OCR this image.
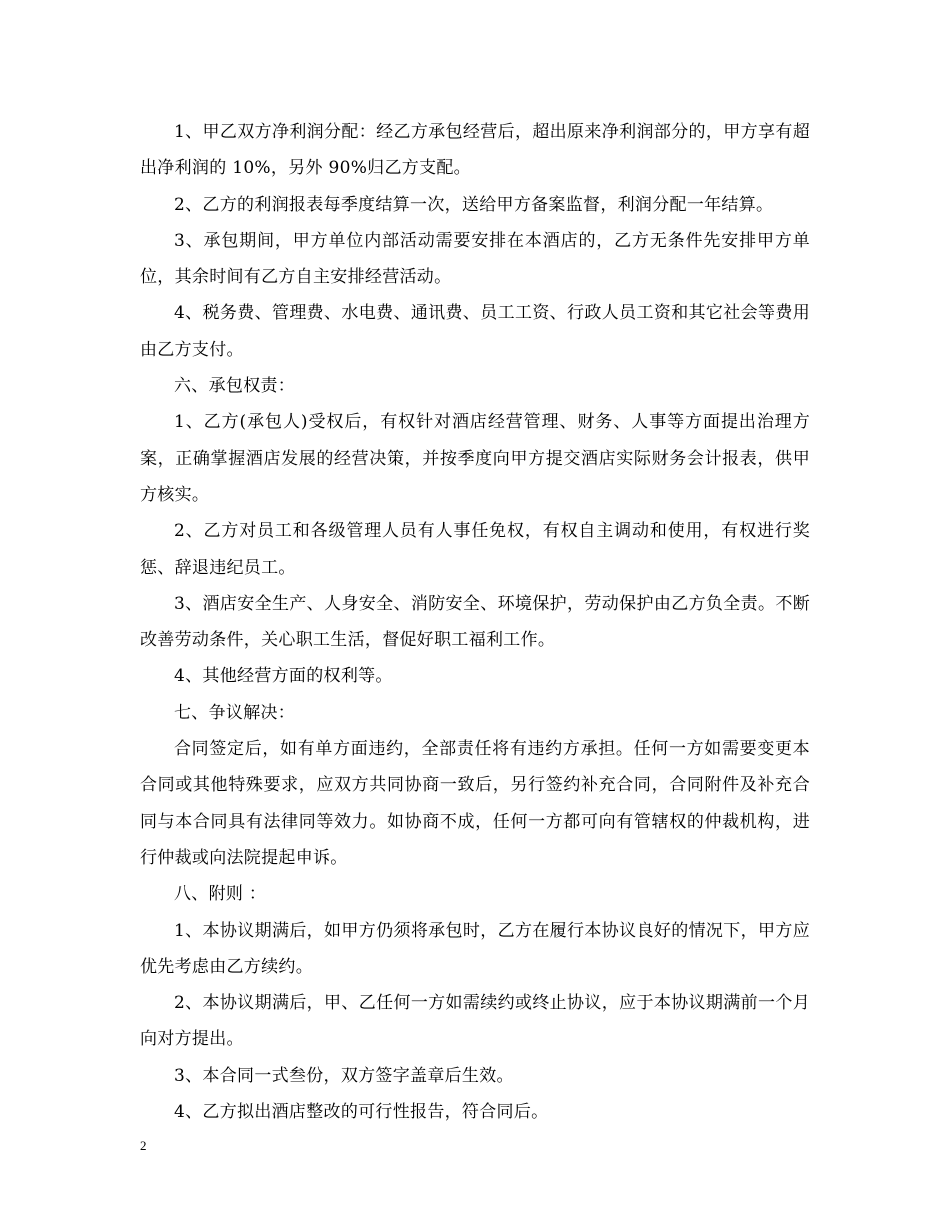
1、甲乙双方净利润分配：经乙方承包经营后，超出原来净利润部分的，甲方享有超出净利润的 10%，另外 90%归乙方支配。

2、乙方的利润报表每季度结算一次，送给甲方备案监督，利润分配一年结算。

3、承包期间，甲方单位内部活动需要安排在本酒店的，乙方无条件先安排甲方单位，其余时间有乙方自主安排经营活动。

4、税务费、管理费、水电费、通讯费、员工工资、行政人员工资和其它社会等费用由乙方支付。

六、承包权责：

1、乙方(承包人)受权后，有权针对酒店经营管理、财务、人事等方面提出治理方案，正确掌握酒店发展的经营决策，并按季度向甲方提交酒店实际财务会计报表，供甲方核实。

2、乙方对员工和各级管理人员有人事任免权，有权自主调动和使用，有权进行奖惩、辞退违纪员工。

3、酒店安全生产、人身安全、消防安全、环境保护，劳动保护由乙方负全责。不断改善劳动条件，关心职工生活，督促好职工福利工作。

4、其他经营方面的权利等。

七、争议解决：

合同签定后，如有单方面违约，全部责任将有违约方承担。任何一方如需要变更本合同或其他特殊要求，应双方共同协商一致后，另行签约补充合同，合同附件及补充合同与本合同具有法律同等效力。如协商不成，任何一方都可向有管辖权的仲裁机构，进行仲裁或向法院提起申诉。

八、附则 ：

1、本协议期满后，如甲方仍须将承包时，乙方在履行本协议良好的情况下，甲方应优先考虑由乙方续约。

2、本协议期满后，甲、乙任何一方如需续约或终止协议，应于本协议期满前一个月向对方提出。

3、本合同一式叁份，双方签字盖章后生效。

4、乙方拟出酒店整改的可行性报告，符合同后。

2
